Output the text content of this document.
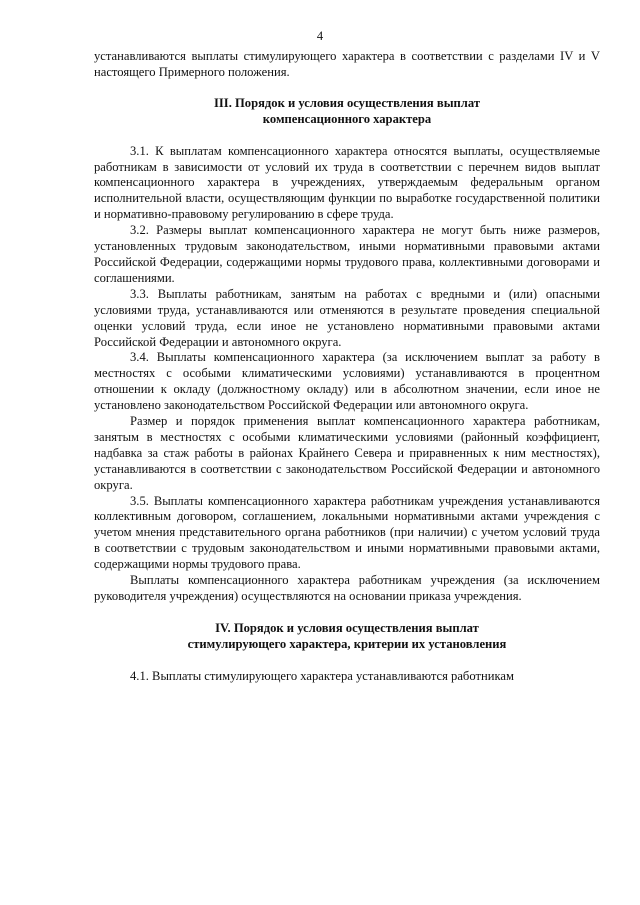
4

устанавливаются выплаты стимулирующего характера в соответствии с разделами IV и V настоящего Примерного положения.

III. Порядок и условия осуществления выплат
компенсационного характера

3.1. К выплатам компенсационного характера относятся выплаты, осуществляемые работникам в зависимости от условий их труда в соответствии с перечнем видов выплат компенсационного характера в учреждениях, утверждаемым федеральным органом исполнительной власти, осуществляющим функции по выработке государственной политики и нормативно-правовому регулированию в сфере труда.

3.2. Размеры выплат компенсационного характера не могут быть ниже размеров, установленных трудовым законодательством, иными нормативными правовыми актами Российской Федерации, содержащими нормы трудового права, коллективными договорами и соглашениями.

3.3. Выплаты работникам, занятым на работах с вредными и (или) опасными условиями труда, устанавливаются или отменяются в результате проведения специальной оценки условий труда, если иное не установлено нормативными правовыми актами Российской Федерации и автономного округа.

3.4. Выплаты компенсационного характера (за исключением выплат за работу в местностях с особыми климатическими условиями) устанавливаются в процентном отношении к окладу (должностному окладу) или в абсолютном значении, если иное не установлено законодательством Российской Федерации или автономного округа.

Размер и порядок применения выплат компенсационного характера работникам, занятым в местностях с особыми климатическими условиями (районный коэффициент, надбавка за стаж работы в районах Крайнего Севера и приравненных к ним местностях), устанавливаются в соответствии с законодательством Российской Федерации и автономного округа.

3.5. Выплаты компенсационного характера работникам учреждения устанавливаются коллективным договором, соглашением, локальными нормативными актами учреждения с учетом мнения представительного органа работников (при наличии) с учетом условий труда в соответствии с трудовым законодательством и иными нормативными правовыми актами, содержащими нормы трудового права.

Выплаты компенсационного характера работникам учреждения (за исключением руководителя учреждения) осуществляются на основании приказа учреждения.

IV. Порядок и условия осуществления выплат
стимулирующего характера, критерии их установления

4.1. Выплаты стимулирующего характера устанавливаются работникам
